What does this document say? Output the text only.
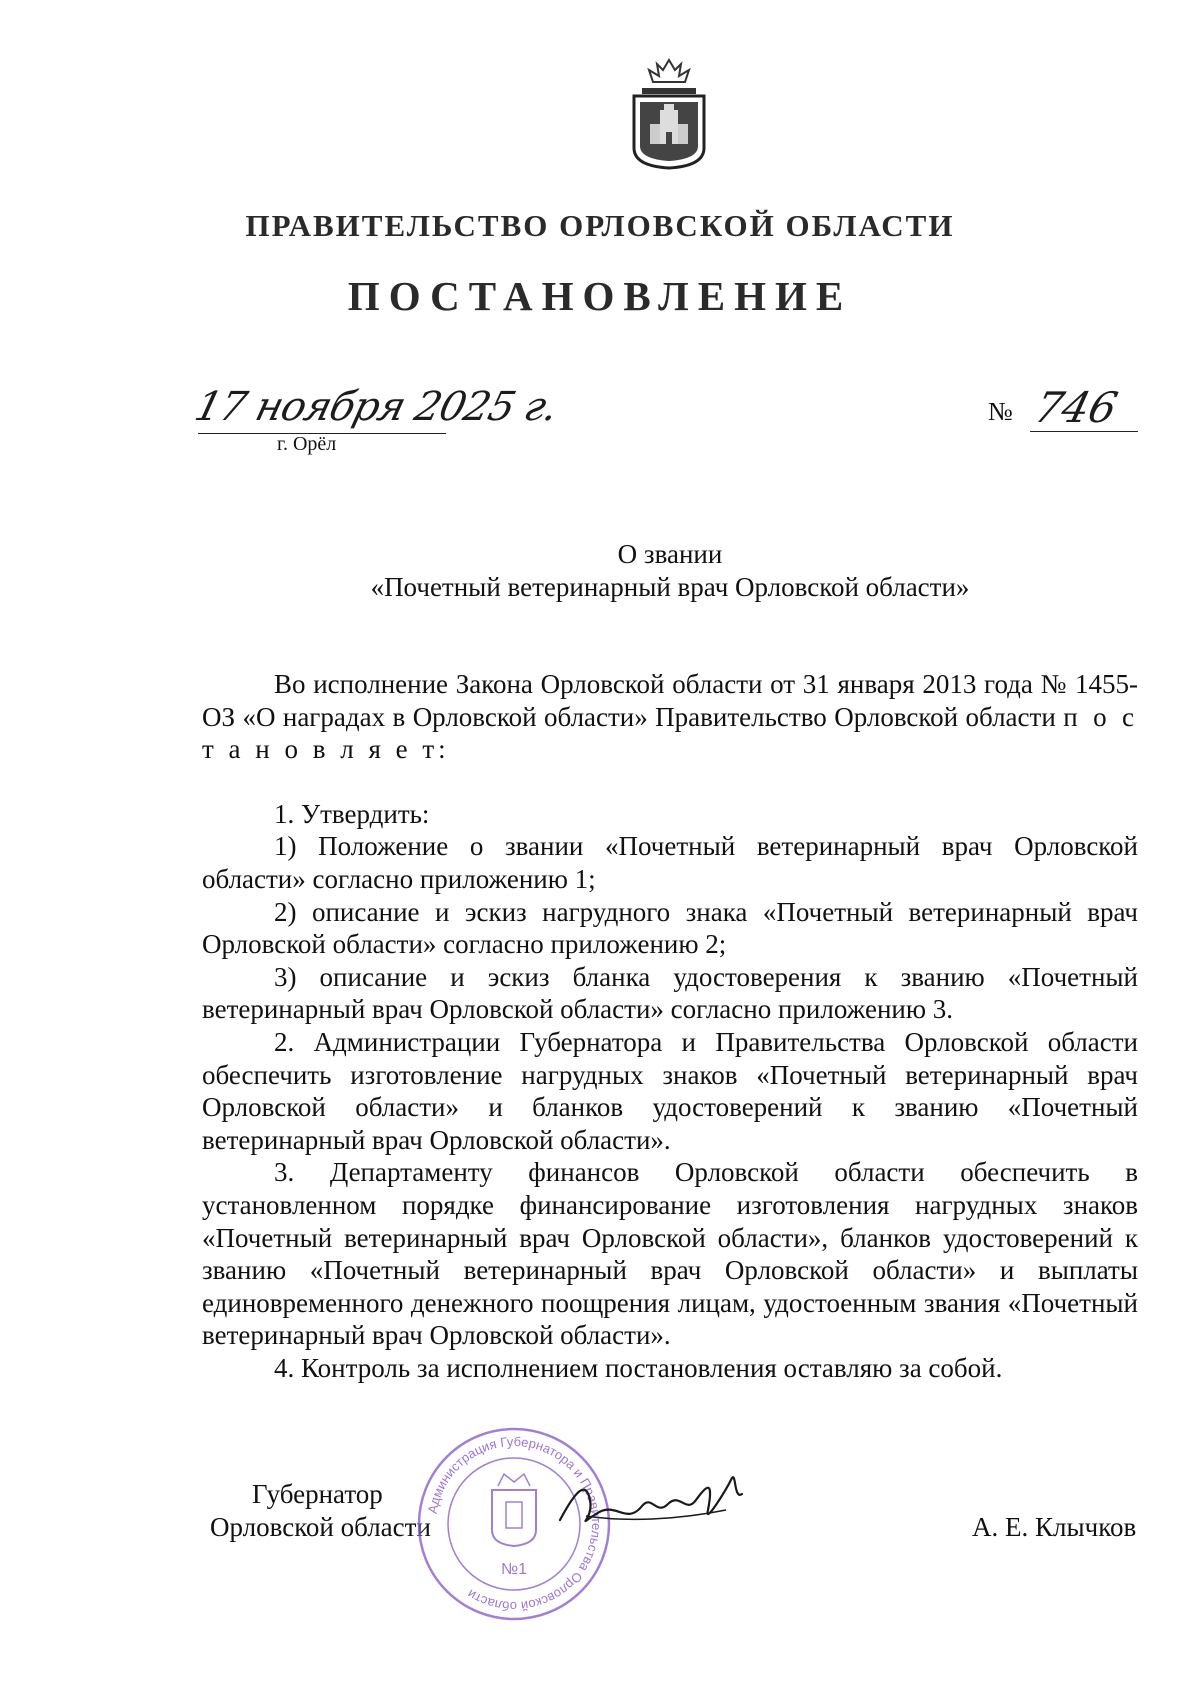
ПРАВИТЕЛЬСТВО ОРЛОВСКОЙ ОБЛАСТИ
ПОСТАНОВЛЕНИЕ
17 ноября 2025 г.
г. Орёл
№ 746
О звании
«Почетный ветеринарный врач Орловской области»

Во исполнение Закона Орловской области от 31 января 2013 года № 1455-ОЗ «О наградах в Орловской области» Правительство Орловской области п о с т а н о в л я е т:

1. Утвердить:

1) Положение о звании «Почетный ветеринарный врач Орловской области» согласно приложению 1;

2) описание и эскиз нагрудного знака «Почетный ветеринарный врач Орловской области» согласно приложению 2;

3) описание и эскиз бланка удостоверения к званию «Почетный ветеринарный врач Орловской области» согласно приложению 3.

2. Администрации Губернатора и Правительства Орловской области обеспечить изготовление нагрудных знаков «Почетный ветеринарный врач Орловской области» и бланков удостоверений к званию «Почетный ветеринарный врач Орловской области».

3. Департаменту финансов Орловской области обеспечить в установленном порядке финансирование изготовления нагрудных знаков «Почетный ветеринарный врач Орловской области», бланков удостоверений к званию «Почетный ветеринарный врач Орловской области» и выплаты единовременного денежного поощрения лицам, удостоенным звания «Почетный ветеринарный врач Орловской области».

4. Контроль за исполнением постановления оставляю за собой.

Губернатор
Орловской области	А. Е. Клычков
Администрация Губернатора и Правительства Орловской области
№1
